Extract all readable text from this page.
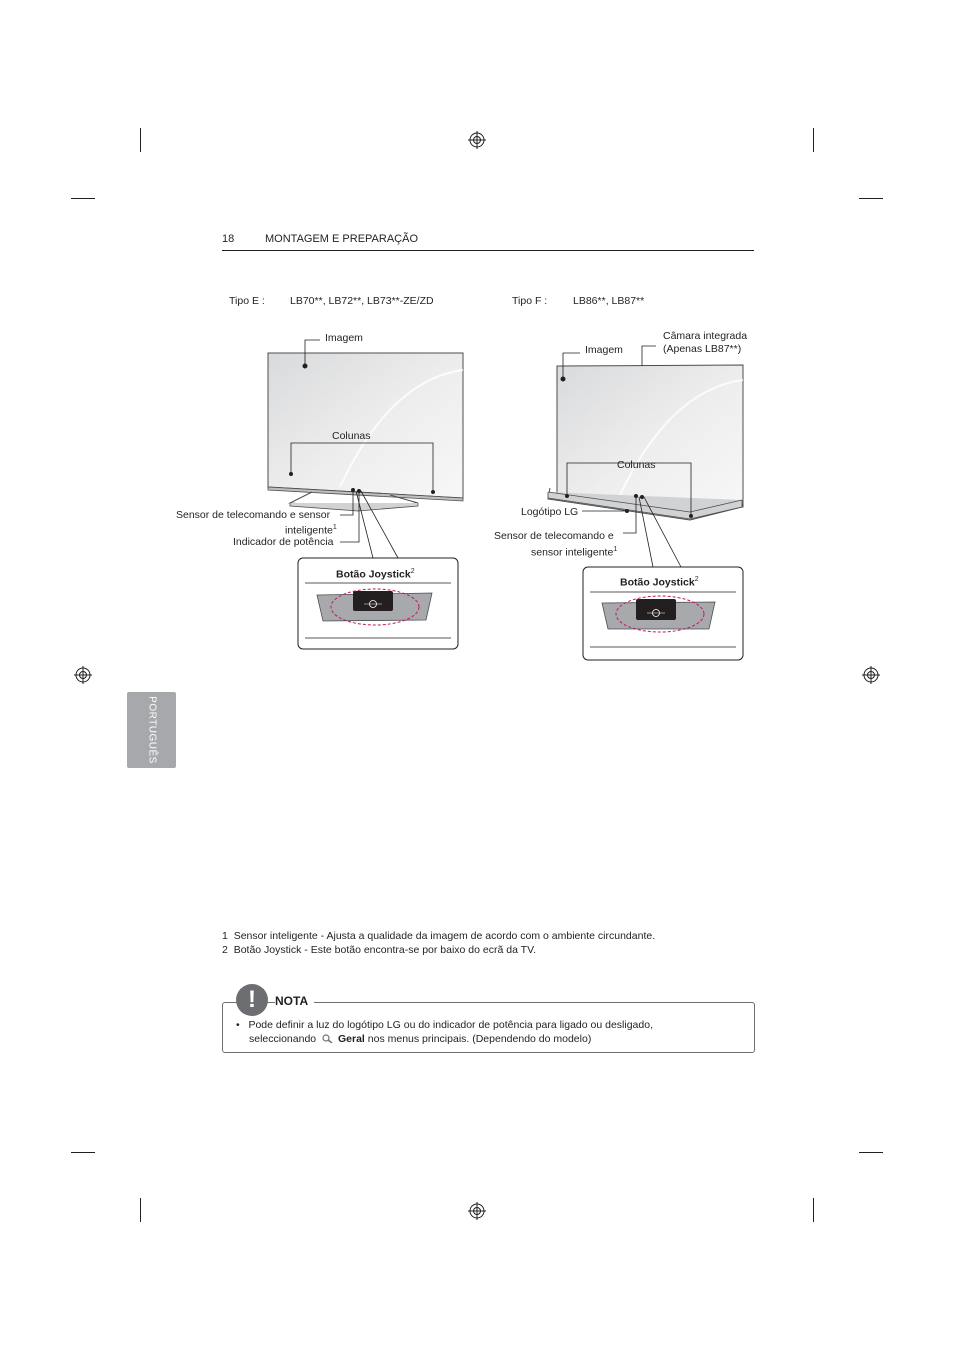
18	MONTAGEM E PREPARAÇÃO
PORTUGUÊS
Tipo E : LB70**, LB72**, LB73**-ZE/ZD	Tipo F : LB86**, LB87**
Imagem
Colunas
Sensor de telecomando e sensor
inteligente$^1$
Indicador de potência
Botão Joystick$^2$
Imagem
Câmara integrada
(Apenas LB87**)
Colunas
Logótipo LG
Sensor de telecomando e
sensor inteligente$^1$
Botão Joystick$^2$
1 Sensor inteligente - Ajusta a qualidade da imagem de acordo com o ambiente circundante.
2 Botão Joystick - Este botão encontra-se por baixo do ecrã da TV.
!	NOTA
• Pode definir a luz do logótipo LG ou do indicador de potência para ligado ou desligado,
seleccionando Geral nos menus principais. (Dependendo do modelo)
